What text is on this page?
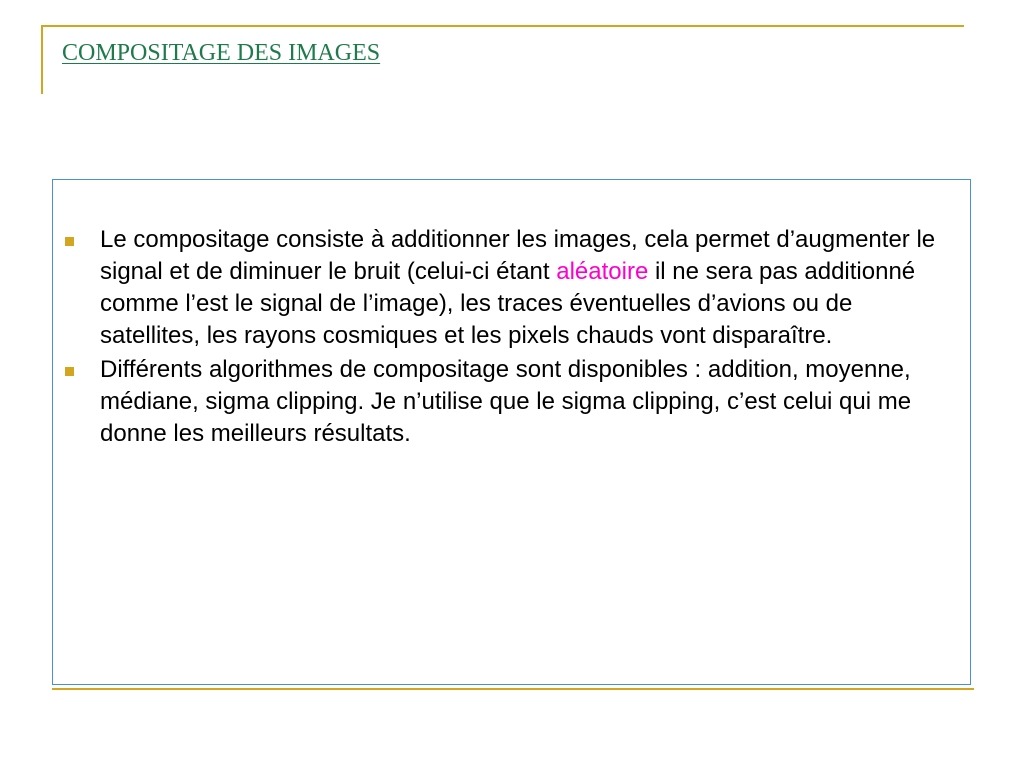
COMPOSITAGE DES IMAGES
Le compositage consiste à additionner les images, cela permet d’augmenter le signal et de diminuer le bruit (celui-ci étant aléatoire il ne sera pas additionné comme l’est le signal de l’image), les traces éventuelles d’avions ou de satellites, les rayons cosmiques et les pixels chauds vont disparaître.
Différents algorithmes de compositage sont disponibles : addition, moyenne, médiane, sigma clipping. Je n’utilise que le sigma clipping, c’est celui qui me donne les meilleurs résultats.
